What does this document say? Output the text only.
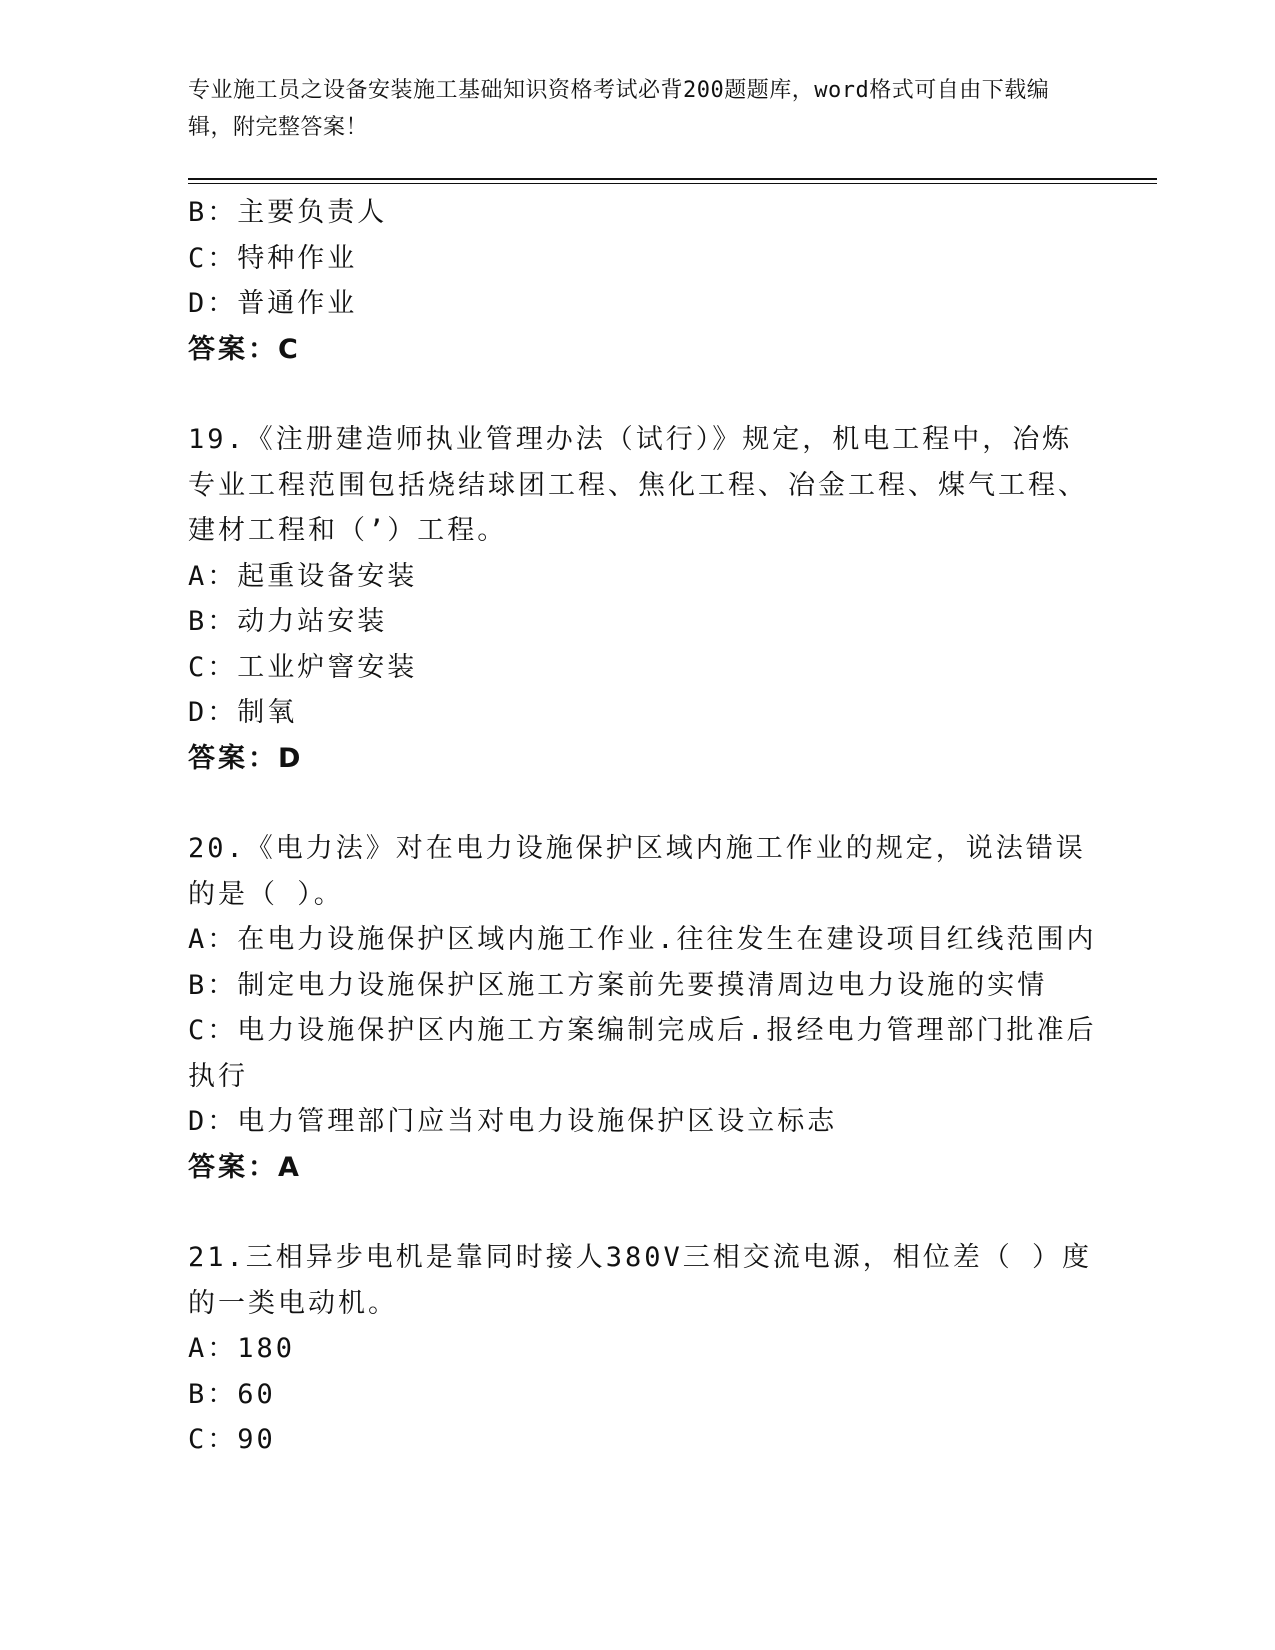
专业施工员之设备安装施工基础知识资格考试必背200题题库，word格式可自由下载编辑，附完整答案！
B：主要负责人
C：特种作业
D：普通作业
答案：C
19.《注册建造师执业管理办法（试行）》规定，机电工程中，冶炼专业工程范围包括烧结球团工程、焦化工程、冶金工程、煤气工程、建材工程和（’）工程。
A：起重设备安装
B：动力站安装
C：工业炉窨安装
D：制氧
答案：D
20.《电力法》对在电力设施保护区域内施工作业的规定，说法错误的是（ ）。
A：在电力设施保护区域内施工作业.往往发生在建设项目红线范围内
B：制定电力设施保护区施工方案前先要摸清周边电力设施的实情
C：电力设施保护区内施工方案编制完成后.报经电力管理部门批准后执行
D：电力管理部门应当对电力设施保护区设立标志
答案：A
21.三相异步电机是靠同时接人380V三相交流电源，相位差（ ）度的一类电动机。
A：180
B：60
C：90
